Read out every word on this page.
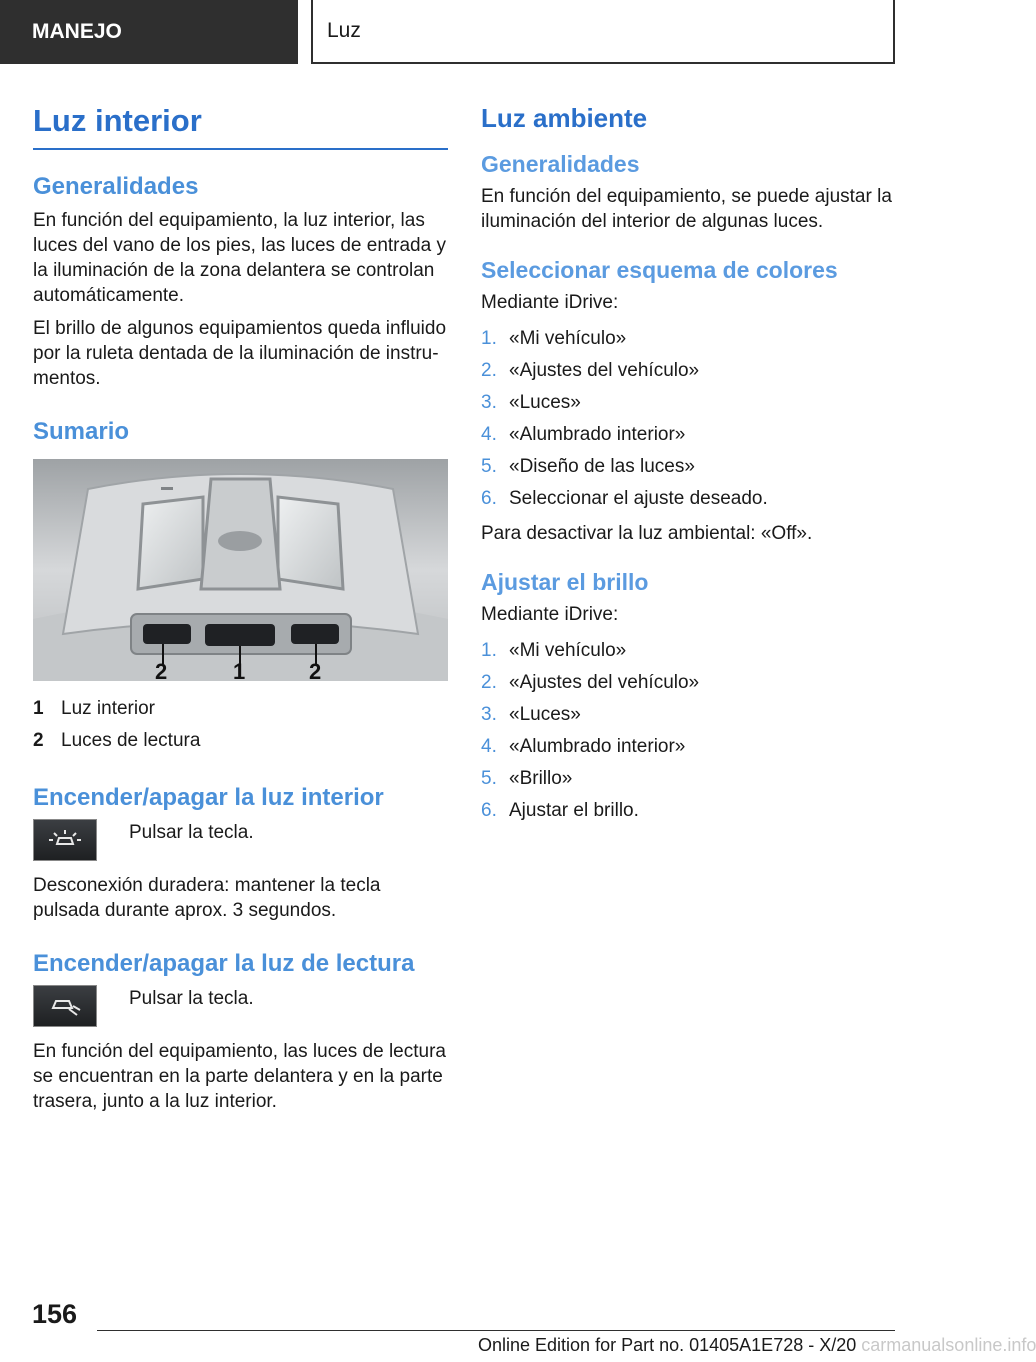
MANEJO	Luz
Luz interior
Generalidades

En función del equipamiento, la luz interior, las luces del vano de los pies, las luces de entrada y la iluminación de la zona delantera se controlan automáticamente.

El brillo de algunos equipamientos queda influido por la ruleta dentada de la iluminación de instru-mentos.

Sumario
2	1	2
1 Luz interior
2 Luces de lectura
Encender/apagar la luz interior
Pulsar la tecla.

Desconexión duradera: mantener la tecla pulsada durante aprox. 3 segundos.

Encender/apagar la luz de lectura
Pulsar la tecla.

En función del equipamiento, las luces de lectura se encuentran en la parte delantera y en la parte trasera, junto a la luz interior.

Luz ambiente
Generalidades

En función del equipamiento, se puede ajustar la iluminación del interior de algunas luces.

Seleccionar esquema de colores

Mediante iDrive:

1. «Mi vehículo»
2. «Ajustes del vehículo»
3. «Luces»
4. «Alumbrado interior»
5. «Diseño de las luces»
6. Seleccionar el ajuste deseado.

Para desactivar la luz ambiental: «Off».

Ajustar el brillo

Mediante iDrive:

1. «Mi vehículo»
2. «Ajustes del vehículo»
3. «Luces»
4. «Alumbrado interior»
5. «Brillo»
6. Ajustar el brillo.
156
Online Edition for Part no. 01405A1E728 - X/20 carmanualsonline.info
